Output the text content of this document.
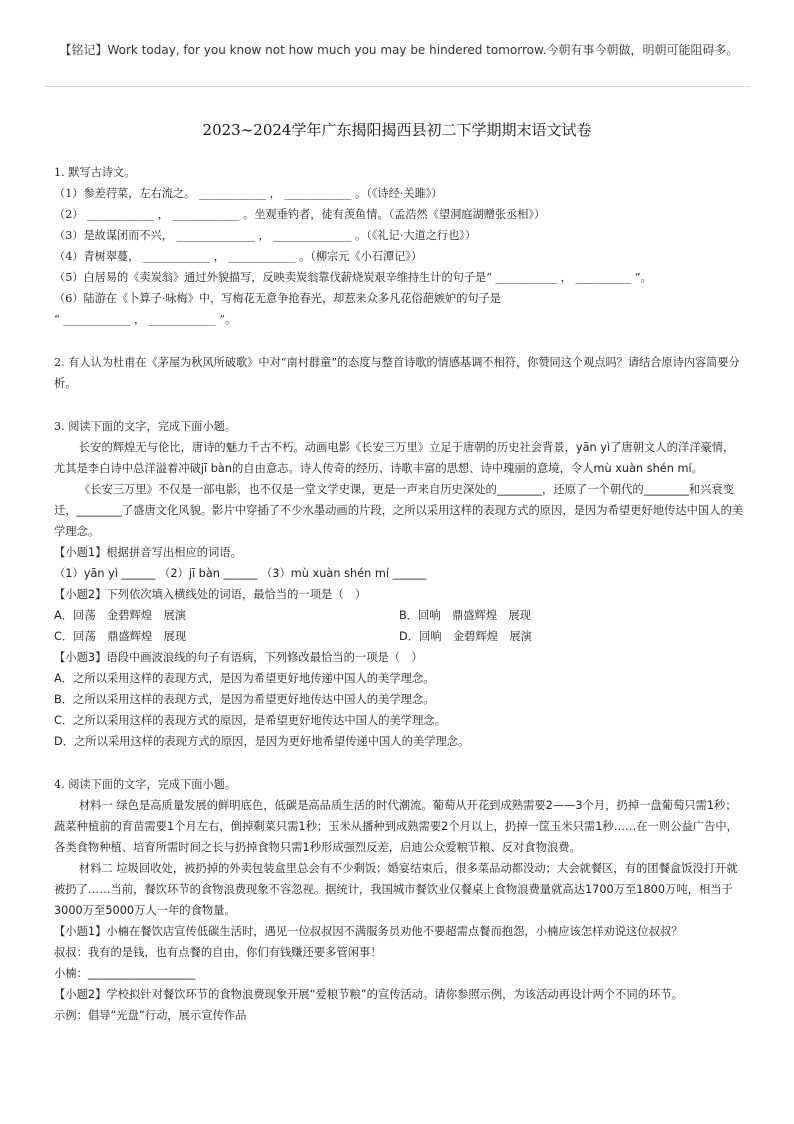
【铭记】Work today, for you know not how much you may be hindered tomorrow.今朝有事今朝做，明朝可能阻碍多。
2023~2024学年广东揭阳揭西县初二下学期期末语文试卷
1. 默写古诗文。
（1）参差荇菜，左右流之。 ____________ ， ____________ 。（《诗经·关雎》）
（2） ____________ ， ____________ 。坐观垂钓者，徒有羡鱼情。（孟浩然《望洞庭湖赠张丞相》）
（3）是故谋闭而不兴， ______________ ， ______________ 。（《礼记·大道之行也》）
（4）青树翠蔓， ____________ ， ____________ 。（柳宗元《小石潭记》）
（5）白居易的《卖炭翁》通过外貌描写，反映卖炭翁靠伐薪烧炭艰辛维持生计的句子是“ ___________ ， __________ ”。
（6）陆游在《卜算子·咏梅》中，写梅花无意争抢春光，却惹来众多凡花俗葩嫉妒的句子是
“ ____________ ， ____________ ”。
2. 有人认为杜甫在《茅屋为秋风所破歌》中对“南村群童”的态度与整首诗歌的情感基调不相符，你赞同这个观点吗？请结合原诗内容简要分析。
3. 阅读下面的文字，完成下面小题。
长安的辉煌无与伦比，唐诗的魅力千古不朽。动画电影《长安三万里》立足于唐朝的历史社会背景，yān yì了唐朝文人的洋洋豪情，尤其是李白诗中总洋溢着冲破jī bàn的自由意志。诗人传奇的经历、诗歌丰富的思想、诗中瑰丽的意境，令人mù xuàn shén mí。
《长安三万里》不仅是一部电影，也不仅是一堂文学史课，更是一声来自历史深处的________，还原了一个朝代的________和兴衰变迁，________了盛唐文化风貌。影片中穿插了不少水墨动画的片段，之所以采用这样的表现方式的原因，是因为希望更好地传达中国人的美学理念。
【小题1】根据拼音写出相应的词语。
（1）yān yì ______ （2）jī bàn ______ （3）mù xuàn shén mí ______
【小题2】下列依次填入横线处的词语，最恰当的一项是（　）
A．回荡　金碧辉煌　展演	B．回响　鼎盛辉煌　展现
C．回荡　鼎盛辉煌　展现	D．回响　金碧辉煌　展演
【小题3】语段中画波浪线的句子有语病，下列修改最恰当的一项是（　）
A．之所以采用这样的表现方式，是因为希望更好地传递中国人的美学理念。
B．之所以采用这样的表现方式，是因为希望更好地传达中国人的美学理念。
C．之所以采用这样的表现方式的原因，是希望更好地传达中国人的美学理念。
D．之所以采用这样的表现方式的原因，是因为更好地希望传递中国人的美学理念。
4. 阅读下面的文字，完成下面小题。
材料一 绿色是高质量发展的鲜明底色，低碳是高品质生活的时代潮流。葡萄从开花到成熟需要2——3个月，扔掉一盘葡萄只需1秒；蔬菜种植前的育苗需要1个月左右，倒掉剩菜只需1秒；玉米从播种到成熟需要2个月以上，扔掉一筐玉米只需1秒……在一则公益广告中，各类食物种植、培育所需时间之长与扔掉食物只需1秒形成强烈反差，启迪公众爱粮节粮、反对食物浪费。
材料二 垃圾回收处，被扔掉的外卖包装盒里总会有不少剩饭；婚宴结束后，很多菜品动都没动；大会就餐区，有的团餐盒饭没打开就被扔了……当前，餐饮环节的食物浪费现象不容忽视。据统计，我国城市餐饮业仅餐桌上食物浪费量就高达1700万至1800万吨，相当于3000万至5000万人一年的食物量。
【小题1】小楠在餐饮店宣传低碳生活时，遇见一位叔叔因不满服务员劝他不要超需点餐而抱怨，小楠应该怎样劝说这位叔叔？
叔叔：我有的是钱，也有点餐的自由，你们有钱赚还要多管闲事！
小楠：___________________
【小题2】学校拟针对餐饮环节的食物浪费现象开展“爱粮节粮”的宣传活动。请你参照示例，为该活动再设计两个不同的环节。
示例：倡导“光盘”行动，展示宣传作品
